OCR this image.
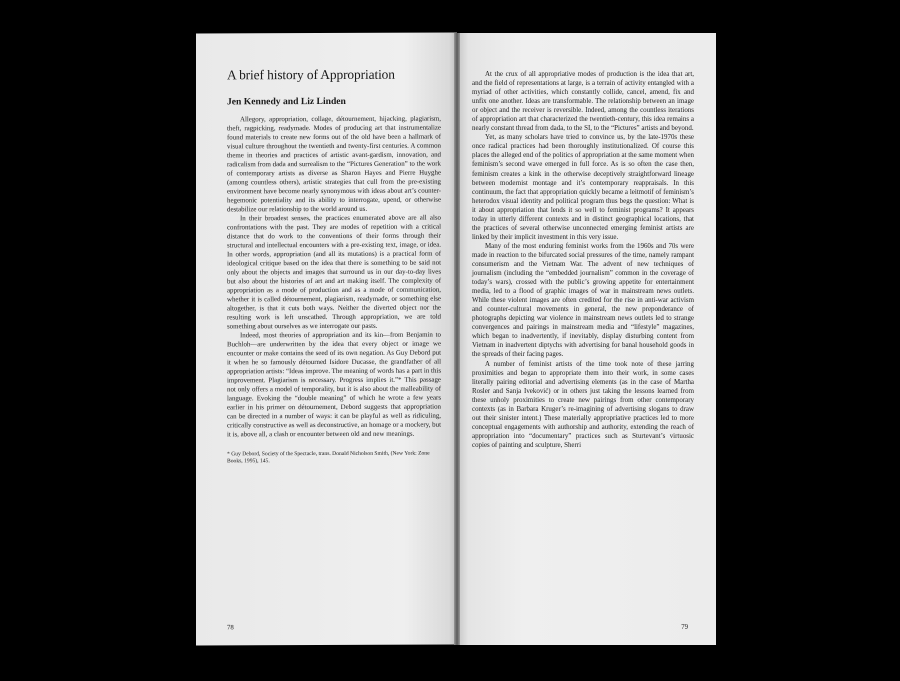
A brief history of Appropriation
Jen Kennedy and Liz Linden

Allegory, appropriation, collage, détournement, hijacking, plagiarism, theft, ragpicking, readymade. Modes of producing art that instrumentalize found materials to create new forms out of the old have been a hallmark of visual culture throughout the twentieth and twenty-first centuries. A common theme in theories and practices of artistic avant-gardism, innovation, and radicalism from dada and surrealism to the “Pictures Generation” to the work of contemporary artists as diverse as Sharon Hayes and Pierre Huyghe (among countless others), artistic strategies that cull from the pre-existing environment have become nearly synonymous with ideas about art’s counter-hegemonic potentiality and its ability to interrogate, upend, or otherwise destabilize our relationship to the world around us.

In their broadest senses, the practices enumerated above are all also confrontations with the past. They are modes of repetition with a critical distance that do work to the conventions of their forms through their structural and intellectual encounters with a pre-existing text, image, or idea. In other words, appropriation (and all its mutations) is a practical form of ideological critique based on the idea that there is something to be said not only about the objects and images that surround us in our day-to-day lives but also about the histories of art and art making itself. The complexity of appropriation as a mode of production and as a mode of communication, whether it is called détournement, plagiarism, readymade, or something else altogether, is that it cuts both ways. Neither the diverted object nor the resulting work is left unscathed. Through appropriation, we are told something about ourselves as we interrogate our pasts.

Indeed, most theories of appropriation and its kin—from Benjamin to Buchloh—are underwritten by the idea that every object or image we encounter or make contains the seed of its own negation. As Guy Debord put it when he so famously détourned Isidore Ducasse, the grandfather of all appropriation artists: “Ideas improve. The meaning of words has a part in this improvement. Plagiarism is necessary. Progress implies it.”* This passage not only offers a model of temporality, but it is also about the malleability of language. Evoking the “double meaning” of which he wrote a few years earlier in his primer on détournement, Debord suggests that appropriation can be directed in a number of ways: it can be playful as well as ridiculing, critically constructive as well as deconstructive, an homage or a mockery, but it is, above all, a clash or encounter between old and new meanings.

* Guy Debord, Society of the Spectacle, trans. Donald Nicholson Smith, (New York: Zone Books, 1995), 145.
78

At the crux of all appropriative modes of production is the idea that art, and the field of representations at large, is a terrain of activity entangled with a myriad of other activities, which constantly collide, cancel, amend, fix and unfix one another. Ideas are transformable. The relationship between an image or object and the receiver is reversible. Indeed, among the countless iterations of appropriation art that characterized the twentieth-century, this idea remains a nearly constant thread from dada, to the SI, to the “Pictures” artists and beyond.

Yet, as many scholars have tried to convince us, by the late-1970s these once radical practices had been thoroughly institutionalized. Of course this places the alleged end of the politics of appropriation at the same moment when feminism’s second wave emerged in full force. As is so often the case then, feminism creates a kink in the otherwise deceptively straightforward lineage between modernist montage and it’s contemporary reappraisals. In this continuum, the fact that appropriation quickly became a leitmotif of feminism’s heterodox visual identity and political program thus begs the question: What is it about appropriation that lends it so well to feminist programs? It appears today in utterly different contexts and in distinct geographical locations, that the practices of several otherwise unconnected emerging feminist artists are linked by their implicit investment in this very issue.

Many of the most enduring feminist works from the 1960s and 70s were made in reaction to the bifurcated social pressures of the time, namely rampant consumerism and the Vietnam War. The advent of new techniques of journalism (including the “embedded journalism” common in the coverage of today’s wars), crossed with the public’s growing appetite for entertainment media, led to a flood of graphic images of war in mainstream news outlets. While these violent images are often credited for the rise in anti-war activism and counter-cultural movements in general, the new preponderance of photographs depicting war violence in mainstream news outlets led to strange convergences and pairings in mainstream media and “lifestyle” magazines, which began to inadvertently, if inevitably, display disturbing content from Vietnam in inadvertent diptychs with advertising for banal household goods in the spreads of their facing pages.

A number of feminist artists of the time took note of these jarring proximities and began to appropriate them into their work, in some cases literally pairing editorial and advertising elements (as in the case of Martha Rosler and Sanja Iveković) or in others just taking the lessons learned from these unholy proximities to create new pairings from other contemporary contexts (as in Barbara Kruger’s re-imagining of advertising slogans to draw out their sinister intent.) These materially appropriative practices led to more conceptual engagements with authorship and authority, extending the reach of appropriation into “documentary” practices such as Sturtevant’s virtuosic copies of painting and sculpture, Sherri

79
